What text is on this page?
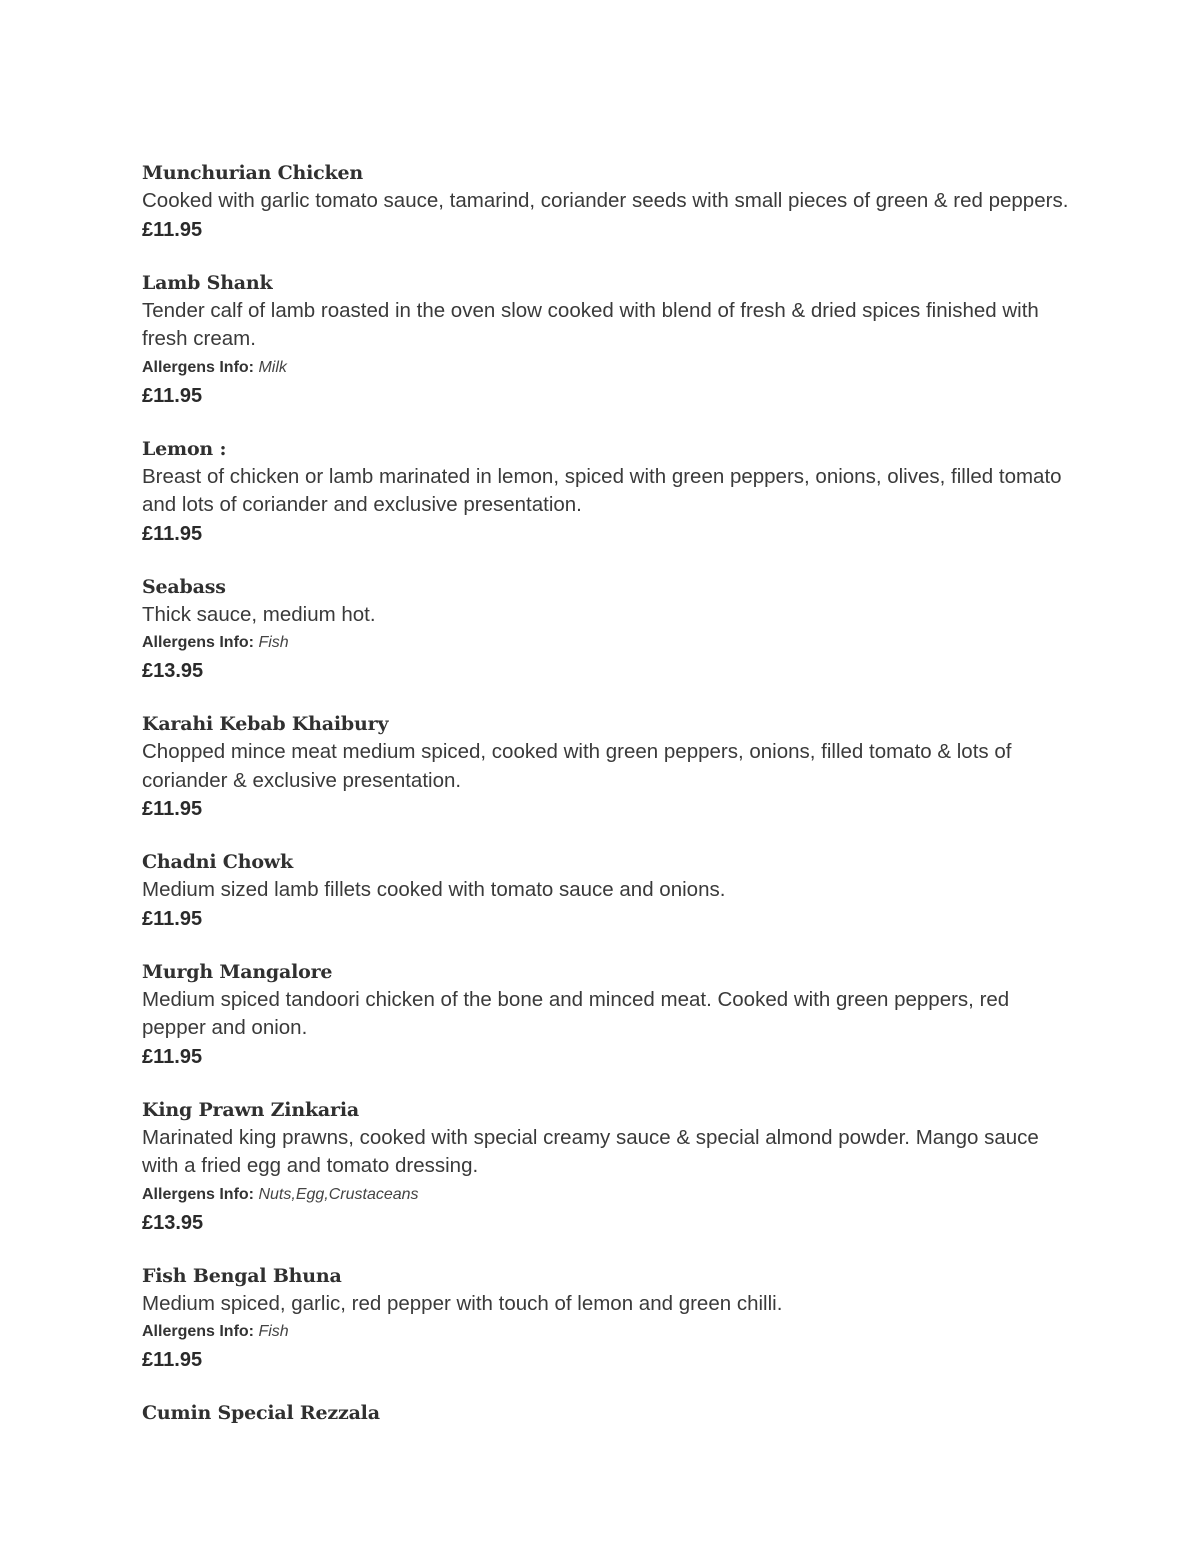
Munchurian Chicken
Cooked with garlic tomato sauce, tamarind, coriander seeds with small pieces of green & red peppers.
£11.95
Lamb Shank
Tender calf of lamb roasted in the oven slow cooked with blend of fresh & dried spices finished with fresh cream.
Allergens Info: Milk
£11.95
Lemon :
Breast of chicken or lamb marinated in lemon, spiced with green peppers, onions, olives, filled tomato and lots of coriander and exclusive presentation.
£11.95
Seabass
Thick sauce, medium hot.
Allergens Info: Fish
£13.95
Karahi Kebab Khaibury
Chopped mince meat medium spiced, cooked with green peppers, onions, filled tomato & lots of coriander & exclusive presentation.
£11.95
Chadni Chowk
Medium sized lamb fillets cooked with tomato sauce and onions.
£11.95
Murgh Mangalore
Medium spiced tandoori chicken of the bone and minced meat. Cooked with green peppers, red pepper and onion.
£11.95
King Prawn Zinkaria
Marinated king prawns, cooked with special creamy sauce & special almond powder. Mango sauce with a fried egg and tomato dressing.
Allergens Info: Nuts,Egg,Crustaceans
£13.95
Fish Bengal Bhuna
Medium spiced, garlic, red pepper with touch of lemon and green chilli.
Allergens Info: Fish
£11.95
Cumin Special Rezzala
